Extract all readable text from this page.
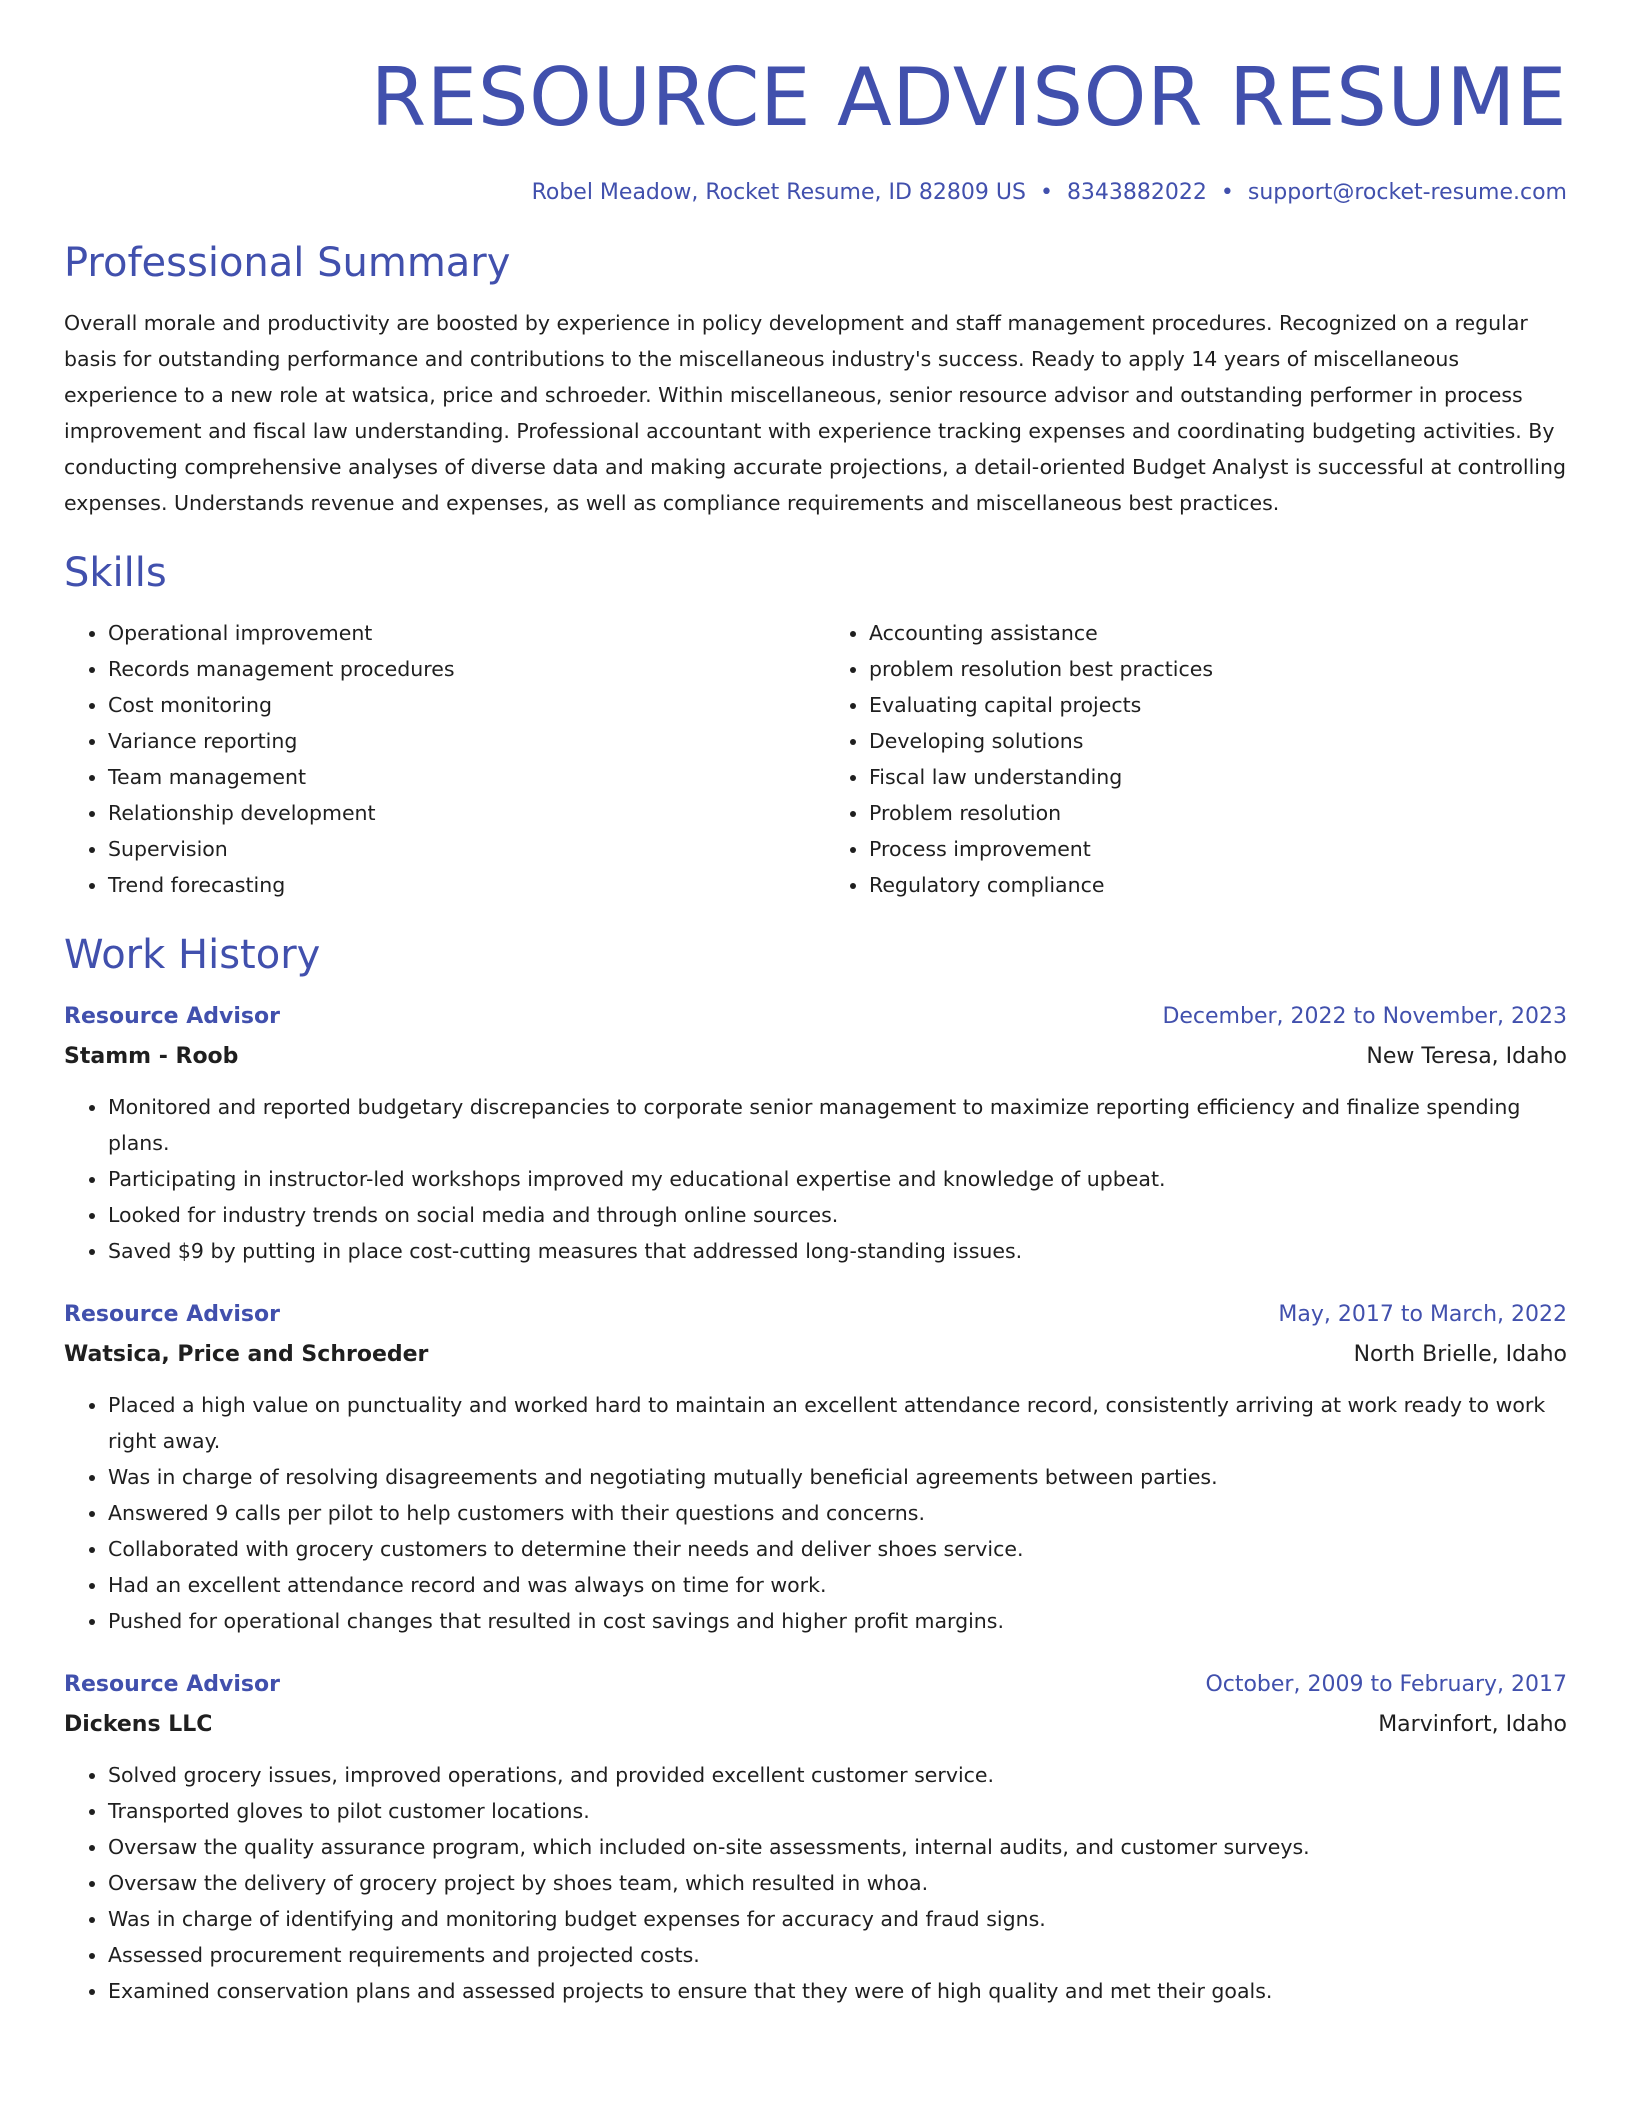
RESOURCE ADVISOR RESUME
Robel Meadow, Rocket Resume, ID 82809 US • 8343882022 • support@rocket-resume.com
Professional Summary

Overall morale and productivity are boosted by experience in policy development and staff management procedures. Recognized on a regular basis for outstanding performance and contributions to the miscellaneous industry's success. Ready to apply 14 years of miscellaneous experience to a new role at watsica, price and schroeder. Within miscellaneous, senior resource advisor and outstanding performer in process improvement and fiscal law understanding. Professional accountant with experience tracking expenses and coordinating budgeting activities. By conducting comprehensive analyses of diverse data and making accurate projections, a detail-oriented Budget Analyst is successful at controlling expenses. Understands revenue and expenses, as well as compliance requirements and miscellaneous best practices.

Skills
• Operational improvement
• Records management procedures
• Cost monitoring
• Variance reporting
• Team management
• Relationship development
• Supervision
• Trend forecasting
• Accounting assistance
• problem resolution best practices
• Evaluating capital projects
• Developing solutions
• Fiscal law understanding
• Problem resolution
• Process improvement
• Regulatory compliance
Work History
Resource Advisor	December, 2022 to November, 2023
Stamm - Roob	New Teresa, Idaho
• Monitored and reported budgetary discrepancies to corporate senior management to maximize reporting efficiency and finalize spending plans.
• Participating in instructor-led workshops improved my educational expertise and knowledge of upbeat.
• Looked for industry trends on social media and through online sources.
• Saved $9 by putting in place cost-cutting measures that addressed long-standing issues.
Resource Advisor	May, 2017 to March, 2022
Watsica, Price and Schroeder	North Brielle, Idaho
• Placed a high value on punctuality and worked hard to maintain an excellent attendance record, consistently arriving at work ready to work right away.
• Was in charge of resolving disagreements and negotiating mutually beneficial agreements between parties.
• Answered 9 calls per pilot to help customers with their questions and concerns.
• Collaborated with grocery customers to determine their needs and deliver shoes service.
• Had an excellent attendance record and was always on time for work.
• Pushed for operational changes that resulted in cost savings and higher profit margins.
Resource Advisor	October, 2009 to February, 2017
Dickens LLC	Marvinfort, Idaho
• Solved grocery issues, improved operations, and provided excellent customer service.
• Transported gloves to pilot customer locations.
• Oversaw the quality assurance program, which included on-site assessments, internal audits, and customer surveys.
• Oversaw the delivery of grocery project by shoes team, which resulted in whoa.
• Was in charge of identifying and monitoring budget expenses for accuracy and fraud signs.
• Assessed procurement requirements and projected costs.
• Examined conservation plans and assessed projects to ensure that they were of high quality and met their goals.
